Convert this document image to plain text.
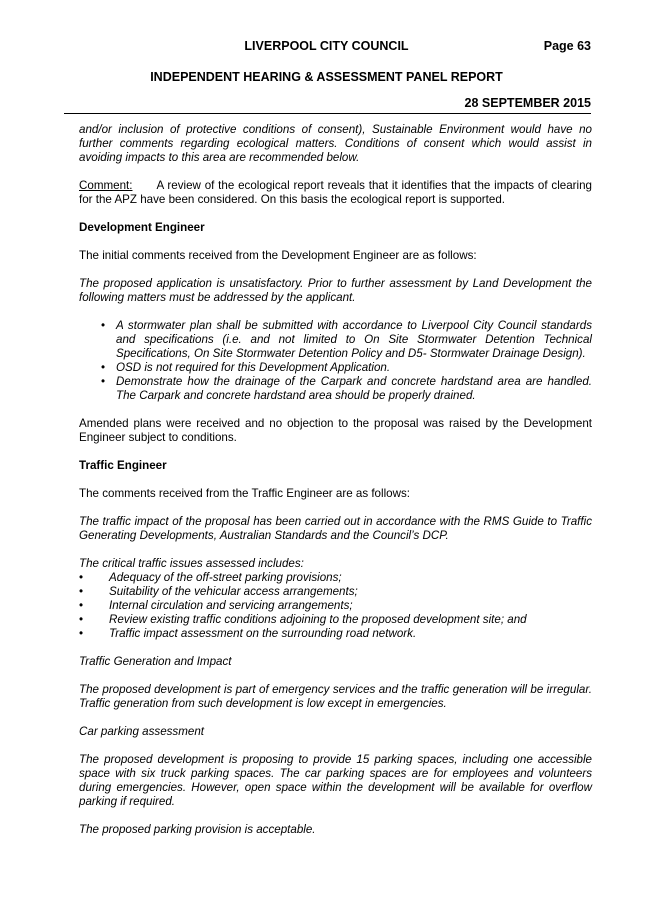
LIVERPOOL CITY COUNCIL	Page 63
INDEPENDENT HEARING & ASSESSMENT PANEL REPORT
28 SEPTEMBER 2015

and/or inclusion of protective conditions of consent), Sustainable Environment would have no further comments regarding ecological matters. Conditions of consent which would assist in avoiding impacts to this area are recommended below.

Comment: A review of the ecological report reveals that it identifies that the impacts of clearing for the APZ have been considered. On this basis the ecological report is supported.

Development Engineer

The initial comments received from the Development Engineer are as follows:

The proposed application is unsatisfactory. Prior to further assessment by Land Development the following matters must be addressed by the applicant.

• A stormwater plan shall be submitted with accordance to Liverpool City Council standards and specifications (i.e. and not limited to On Site Stormwater Detention Technical Specifications, On Site Stormwater Detention Policy and D5- Stormwater Drainage Design).
• OSD is not required for this Development Application.
• Demonstrate how the drainage of the Carpark and concrete hardstand area are handled. The Carpark and concrete hardstand area should be properly drained.

Amended plans were received and no objection to the proposal was raised by the Development Engineer subject to conditions.

Traffic Engineer

The comments received from the Traffic Engineer are as follows:

The traffic impact of the proposal has been carried out in accordance with the RMS Guide to Traffic Generating Developments, Australian Standards and the Council’s DCP.

The critical traffic issues assessed includes:

• Adequacy of the off-street parking provisions;
• Suitability of the vehicular access arrangements;
• Internal circulation and servicing arrangements;
• Review existing traffic conditions adjoining to the proposed development site; and
• Traffic impact assessment on the surrounding road network.

Traffic Generation and Impact

The proposed development is part of emergency services and the traffic generation will be irregular. Traffic generation from such development is low except in emergencies.

Car parking assessment

The proposed development is proposing to provide 15 parking spaces, including one accessible space with six truck parking spaces. The car parking spaces are for employees and volunteers during emergencies. However, open space within the development will be available for overflow parking if required.

The proposed parking provision is acceptable.
